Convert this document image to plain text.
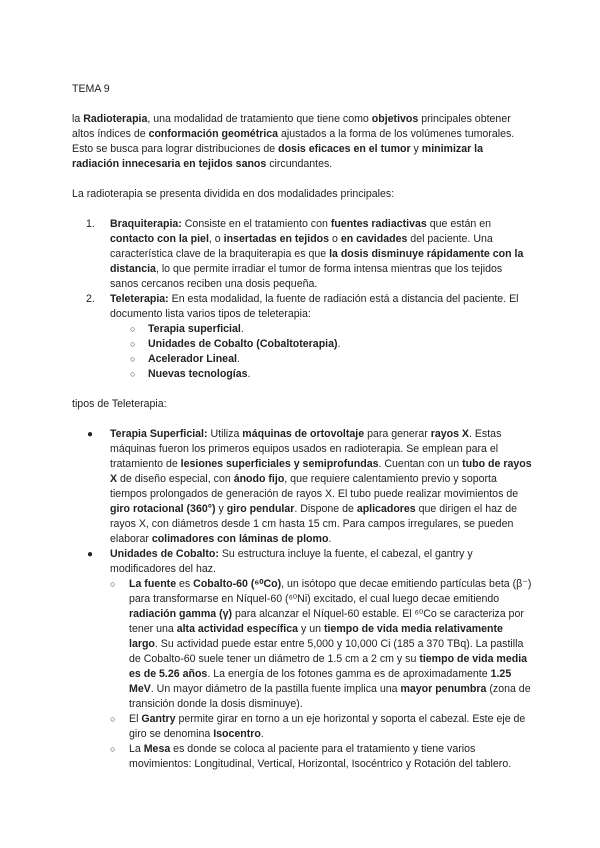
TEMA 9

la Radioterapia, una modalidad de tratamiento que tiene como objetivos principales obtener altos índices de conformación geométrica ajustados a la forma de los volúmenes tumorales. Esto se busca para lograr distribuciones de dosis eficaces en el tumor y minimizar la radiación innecesaria en tejidos sanos circundantes.

La radioterapia se presenta dividida en dos modalidades principales:

1. Braquiterapia: Consiste en el tratamiento con fuentes radiactivas que están en contacto con la piel, o insertadas en tejidos o en cavidades del paciente. Una característica clave de la braquiterapia es que la dosis disminuye rápidamente con la distancia, lo que permite irradiar el tumor de forma intensa mientras que los tejidos sanos cercanos reciben una dosis pequeña.
2. Teleterapia: En esta modalidad, la fuente de radiación está a distancia del paciente. El documento lista varios tipos de teleterapia:
○ Terapia superficial.
○ Unidades de Cobalto (Cobaltoterapia).
○ Acelerador Lineal.
○ Nuevas tecnologías.

tipos de Teleterapia:

● Terapia Superficial: Utiliza máquinas de ortovoltaje para generar rayos X. Estas máquinas fueron los primeros equipos usados en radioterapia. Se emplean para el tratamiento de lesiones superficiales y semiprofundas. Cuentan con un tubo de rayos X de diseño especial, con ánodo fijo, que requiere calentamiento previo y soporta tiempos prolongados de generación de rayos X. El tubo puede realizar movimientos de giro rotacional (360°) y giro pendular. Dispone de aplicadores que dirigen el haz de rayos X, con diámetros desde 1 cm hasta 15 cm. Para campos irregulares, se pueden elaborar colimadores con láminas de plomo.
● Unidades de Cobalto: Su estructura incluye la fuente, el cabezal, el gantry y modificadores del haz.
○ La fuente es Cobalto-60 (⁶⁰Co), un isótopo que decae emitiendo partículas beta (β⁻) para transformarse en Níquel-60 (⁶⁰Ni) excitado, el cual luego decae emitiendo radiación gamma (γ) para alcanzar el Níquel-60 estable. El ⁶⁰Co se caracteriza por tener una alta actividad específica y un tiempo de vida media relativamente largo. Su actividad puede estar entre 5,000 y 10,000 Ci (185 a 370 TBq). La pastilla de Cobalto-60 suele tener un diámetro de 1.5 cm a 2 cm y su tiempo de vida media es de 5.26 años. La energía de los fotones gamma es de aproximadamente 1.25 MeV. Un mayor diámetro de la pastilla fuente implica una mayor penumbra (zona de transición donde la dosis disminuye).
○ El Gantry permite girar en torno a un eje horizontal y soporta el cabezal. Este eje de giro se denomina Isocentro.
○ La Mesa es donde se coloca al paciente para el tratamiento y tiene varios movimientos: Longitudinal, Vertical, Horizontal, Isocéntrico y Rotación del tablero.
